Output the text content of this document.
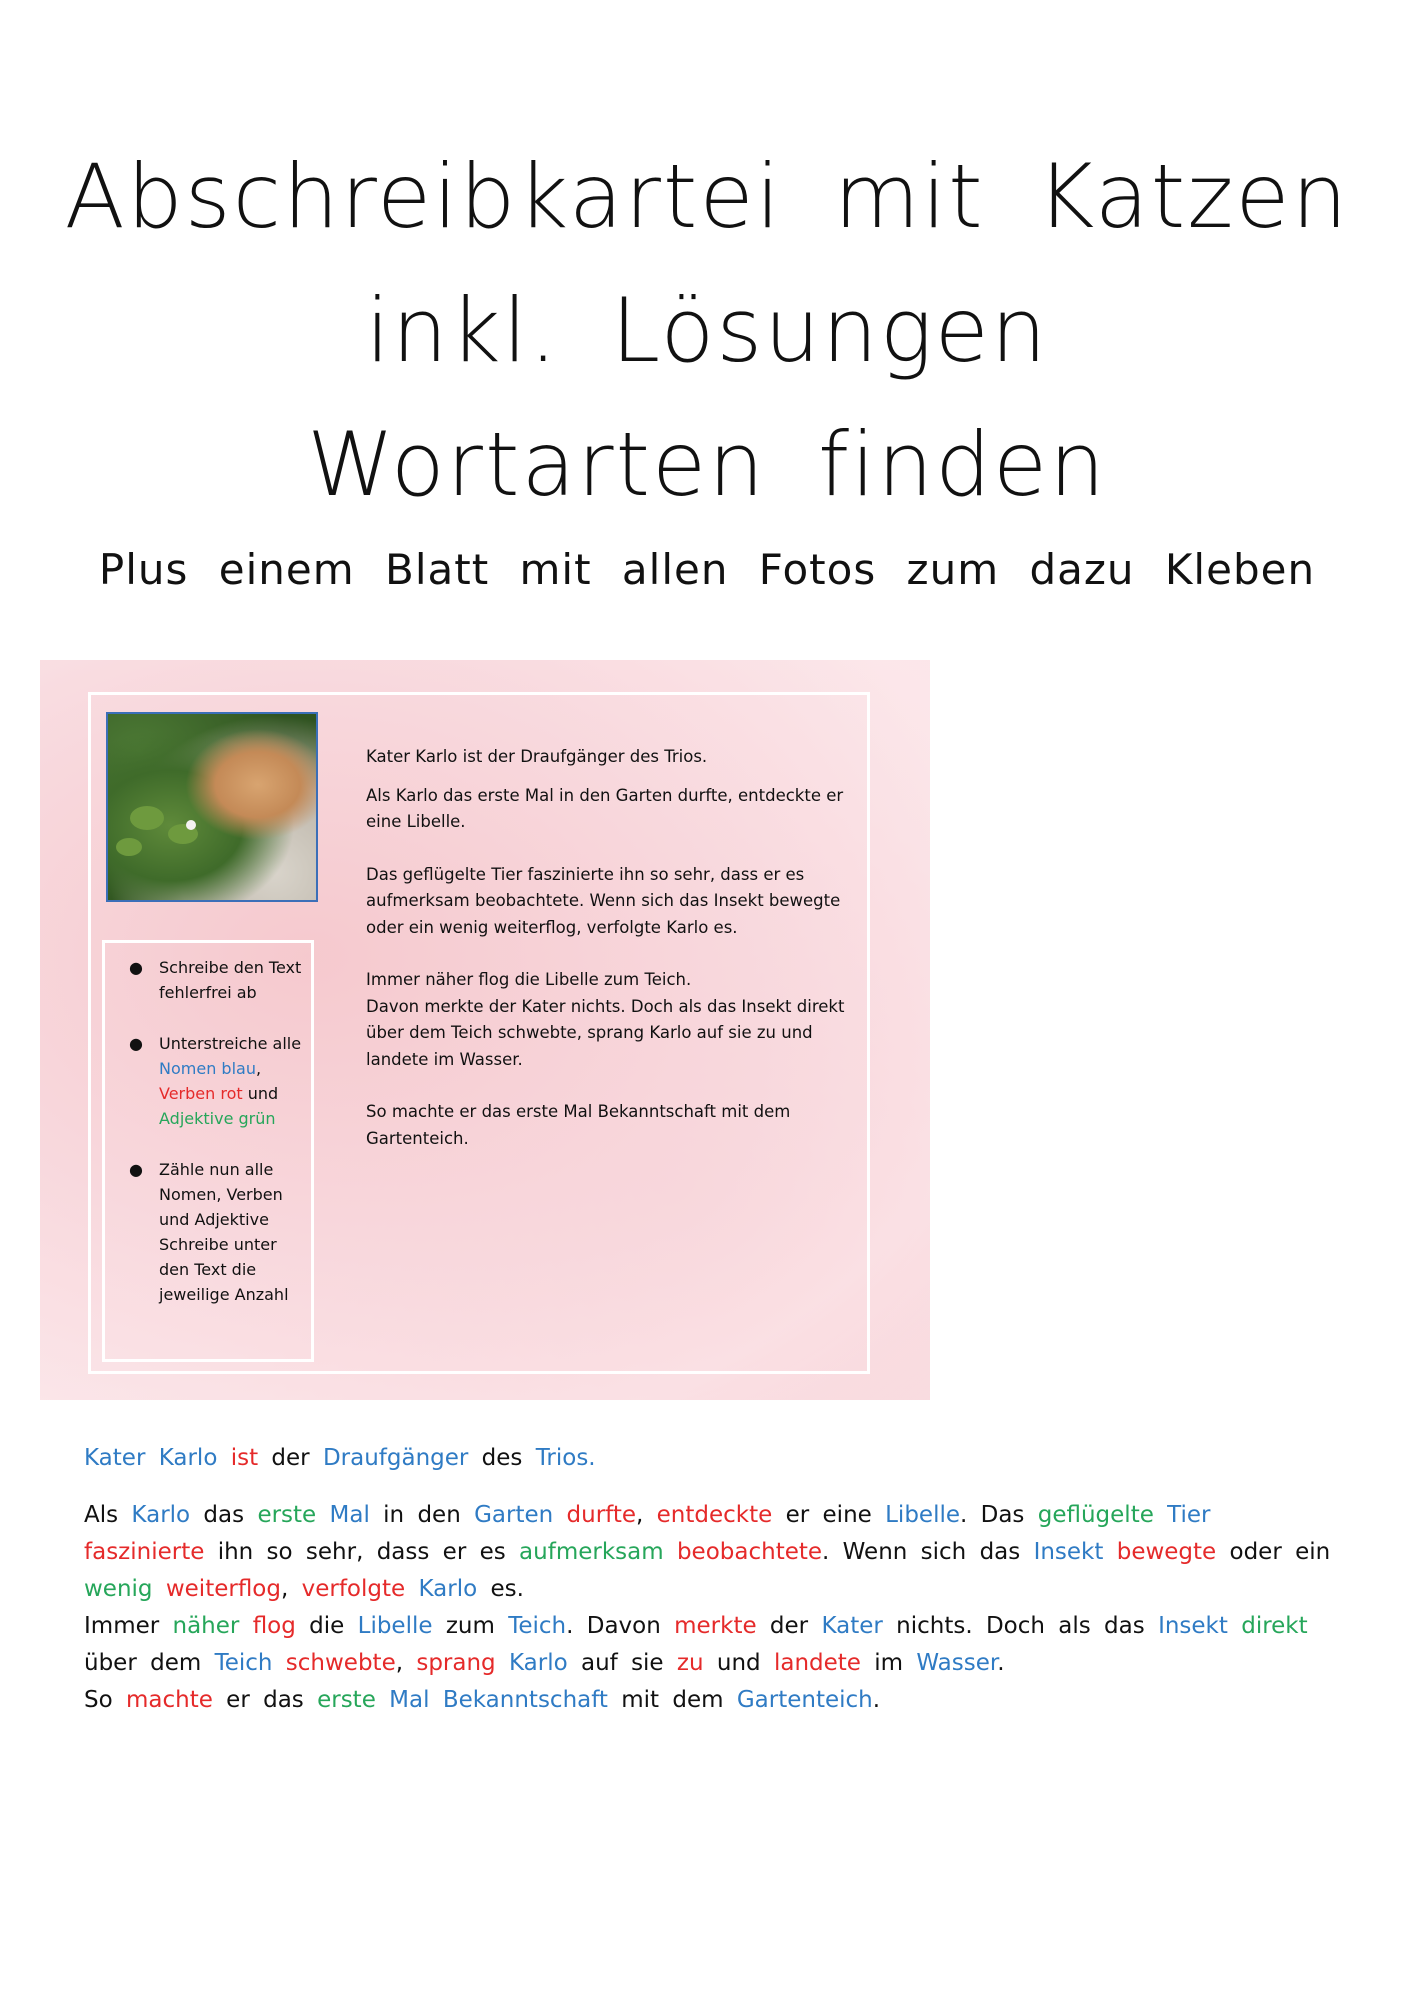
Abschreibkartei mit Katzen
inkl. Lösungen
Wortarten finden
Plus einem Blatt mit allen Fotos zum dazu Kleben
● Schreibe den Text fehlerfrei ab
● Unterstreiche alle Nomen blau, Verben rot und Adjektive grün
● Zähle nun alle Nomen, Verben und Adjektive Schreibe unter den Text die jeweilige Anzahl

Kater Karlo ist der Draufgänger des Trios.

Als Karlo das erste Mal in den Garten durfte, entdeckte er eine Libelle.

Das geflügelte Tier faszinierte ihn so sehr, dass er es aufmerksam beobachtete. Wenn sich das Insekt bewegte oder ein wenig weiterflog, verfolgte Karlo es.

Immer näher flog die Libelle zum Teich.

Davon merkte der Kater nichts. Doch als das Insekt direkt über dem Teich schwebte, sprang Karlo auf sie zu und landete im Wasser.

So machte er das erste Mal Bekanntschaft mit dem Gartenteich.

Kater Karlo ist der Draufgänger des Trios.

Als Karlo das erste Mal in den Garten durfte, entdeckte er eine Libelle. Das geflügelte Tier faszinierte ihn so sehr, dass er es aufmerksam beobachtete. Wenn sich das Insekt bewegte oder ein wenig weiterflog, verfolgte Karlo es.

Immer näher flog die Libelle zum Teich. Davon merkte der Kater nichts. Doch als das Insekt direkt über dem Teich schwebte, sprang Karlo auf sie zu und landete im Wasser.

So machte er das erste Mal Bekanntschaft mit dem Gartenteich.
